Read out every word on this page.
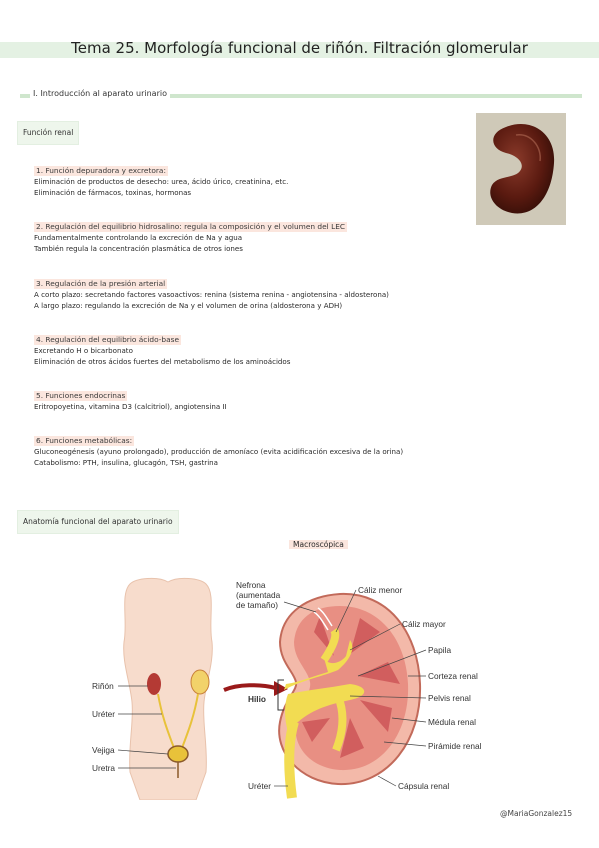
Tema 25. Morfología funcional de riñón. Filtración glomerular
I. Introducción al aparato urinario
Función renal
1. Función depuradora y excretora:
Eliminación de productos de desecho: urea, ácido úrico, creatinina, etc.
Eliminación de fármacos, toxinas, hormonas
2. Regulación del equilibrio hidrosalino: regula la composición y el volumen del LEC
Fundamentalmente controlando la excreción de Na y agua
También regula la concentración plasmática de otros iones
3. Regulación de la presión arterial
A corto plazo: secretando factores vasoactivos: renina (sistema renina - angiotensina - aldosterona)
A largo plazo: regulando la excreción de Na y el volumen de orina (aldosterona y ADH)
4. Regulación del equilibrio ácido-base
Excretando H o bicarbonato
Eliminación de otros ácidos fuertes del metabolismo de los aminoácidos
5. Funciones endocrinas
Eritropoyetina, vitamina D3 (calcitriol), angiotensina II
6. Funciones metabólicas:
Gluconeogénesis (ayuno prolongado), producción de amoníaco (evita acidificación excesiva de la orina)
Catabolismo: PTH, insulina, glucagón, TSH, gastrina
Anatomía funcional del aparato urinario
Macroscópica
Riñón
Uréter
Vejiga
Uretra
Hilio
Nefrona
(aumentada
de tamaño)
Cáliz menor
Cáliz mayor
Papila
Corteza renal
Pelvis renal
Médula renal
Pirámide renal
Cápsula renal
Uréter
@MariaGonzalez15
